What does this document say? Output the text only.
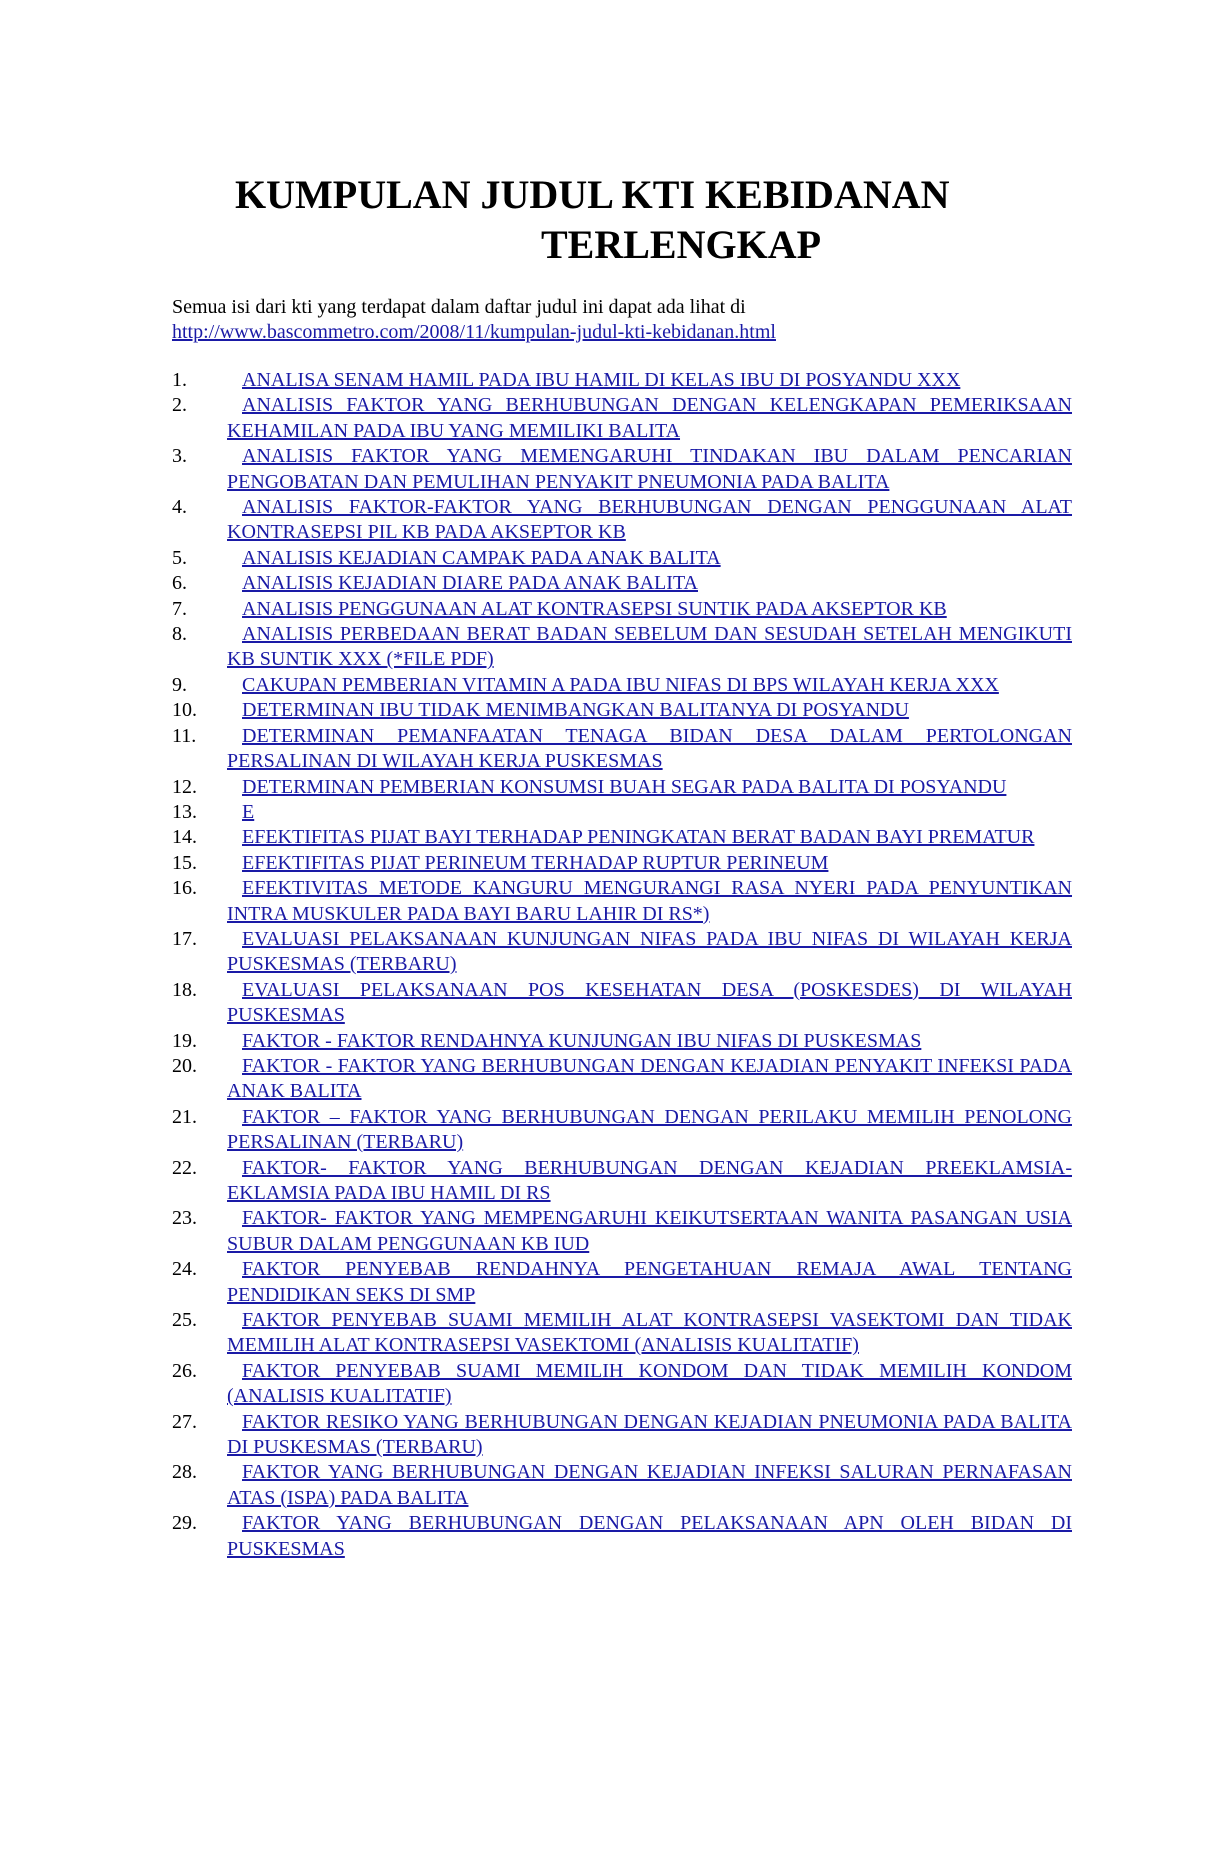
KUMPULAN JUDUL KTI KEBIDANAN
TERLENGKAP
Semua isi dari kti yang terdapat dalam daftar judul ini dapat ada lihat di
http://www.bascommetro.com/2008/11/kumpulan-judul-kti-kebidanan.html
1.	ANALISA SENAM HAMIL PADA IBU HAMIL DI KELAS IBU DI POSYANDU XXX
2.	ANALISIS FAKTOR YANG BERHUBUNGAN DENGAN KELENGKAPAN PEMERIKSAAN KEHAMILAN PADA IBU YANG MEMILIKI BALITA
3.	ANALISIS FAKTOR YANG MEMENGARUHI TINDAKAN IBU DALAM PENCARIAN PENGOBATAN DAN PEMULIHAN PENYAKIT PNEUMONIA PADA BALITA
4.	ANALISIS FAKTOR-FAKTOR YANG BERHUBUNGAN DENGAN PENGGUNAAN ALAT KONTRASEPSI PIL KB PADA AKSEPTOR KB
5.	ANALISIS KEJADIAN CAMPAK PADA ANAK BALITA
6.	ANALISIS KEJADIAN DIARE PADA ANAK BALITA
7.	ANALISIS PENGGUNAAN ALAT KONTRASEPSI SUNTIK PADA AKSEPTOR KB
8.	ANALISIS PERBEDAAN BERAT BADAN SEBELUM DAN SESUDAH SETELAH MENGIKUTI KB SUNTIK XXX (*FILE PDF)
9.	CAKUPAN PEMBERIAN VITAMIN A PADA IBU NIFAS DI BPS WILAYAH KERJA XXX
10.	DETERMINAN IBU TIDAK MENIMBANGKAN BALITANYA DI POSYANDU
11.	DETERMINAN PEMANFAATAN TENAGA BIDAN DESA DALAM PERTOLONGAN PERSALINAN DI WILAYAH KERJA PUSKESMAS
12.	DETERMINAN PEMBERIAN KONSUMSI BUAH SEGAR PADA BALITA DI POSYANDU
13.	E
14.	EFEKTIFITAS PIJAT BAYI TERHADAP PENINGKATAN BERAT BADAN BAYI PREMATUR
15.	EFEKTIFITAS PIJAT PERINEUM TERHADAP RUPTUR PERINEUM
16.	EFEKTIVITAS METODE KANGURU MENGURANGI RASA NYERI PADA PENYUNTIKAN INTRA MUSKULER PADA BAYI BARU LAHIR DI RS*)
17.	EVALUASI PELAKSANAAN KUNJUNGAN NIFAS PADA IBU NIFAS DI WILAYAH KERJA PUSKESMAS (TERBARU)
18.	EVALUASI PELAKSANAAN POS KESEHATAN DESA (POSKESDES) DI WILAYAH PUSKESMAS
19.	FAKTOR - FAKTOR RENDAHNYA KUNJUNGAN IBU NIFAS DI PUSKESMAS
20.	FAKTOR - FAKTOR YANG BERHUBUNGAN DENGAN KEJADIAN PENYAKIT INFEKSI PADA ANAK BALITA
21.	FAKTOR – FAKTOR YANG BERHUBUNGAN DENGAN PERILAKU MEMILIH PENOLONG PERSALINAN (TERBARU)
22.	FAKTOR- FAKTOR YANG BERHUBUNGAN DENGAN KEJADIAN PREEKLAMSIA-EKLAMSIA PADA IBU HAMIL DI RS
23.	FAKTOR- FAKTOR YANG MEMPENGARUHI KEIKUTSERTAAN WANITA PASANGAN USIA SUBUR DALAM PENGGUNAAN KB IUD
24.	FAKTOR PENYEBAB RENDAHNYA PENGETAHUAN REMAJA AWAL TENTANG PENDIDIKAN SEKS DI SMP
25.	FAKTOR PENYEBAB SUAMI MEMILIH ALAT KONTRASEPSI VASEKTOMI DAN TIDAK MEMILIH ALAT KONTRASEPSI VASEKTOMI (ANALISIS KUALITATIF)
26.	FAKTOR PENYEBAB SUAMI MEMILIH KONDOM DAN TIDAK MEMILIH KONDOM (ANALISIS KUALITATIF)
27.	FAKTOR RESIKO YANG BERHUBUNGAN DENGAN KEJADIAN PNEUMONIA PADA BALITA DI PUSKESMAS (TERBARU)
28.	FAKTOR YANG BERHUBUNGAN DENGAN KEJADIAN INFEKSI SALURAN PERNAFASAN ATAS (ISPA) PADA BALITA
29.	FAKTOR YANG BERHUBUNGAN DENGAN PELAKSANAAN APN OLEH BIDAN DI PUSKESMAS
